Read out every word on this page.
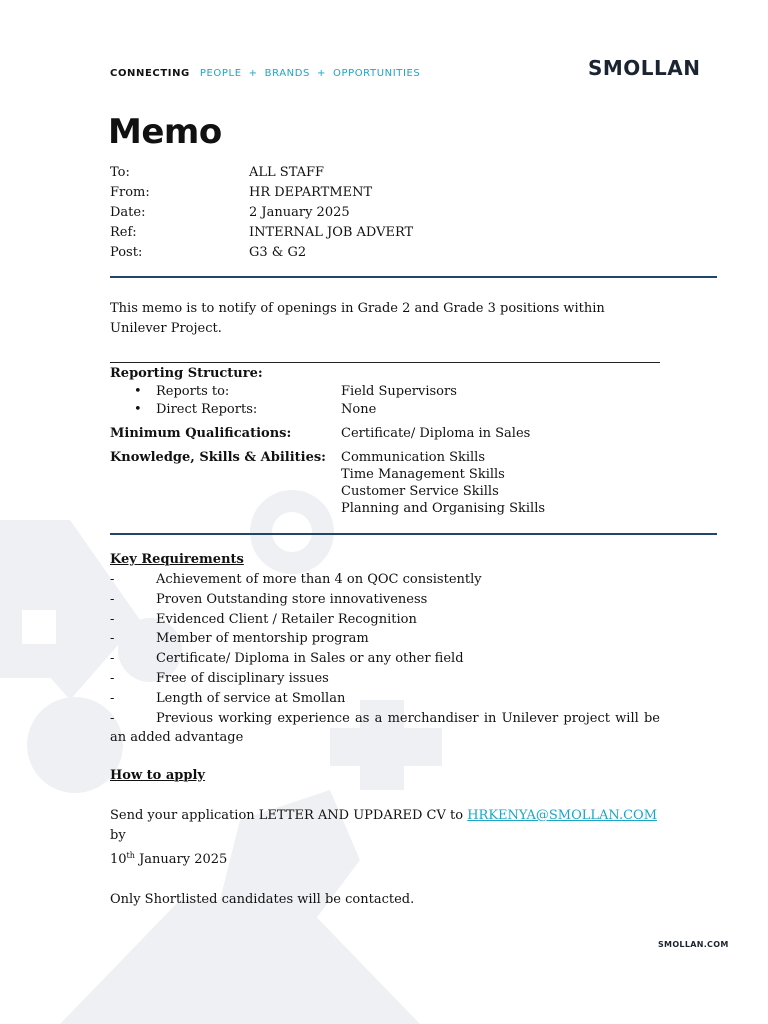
CONNECTING PEOPLE + BRANDS + OPPORTUNITIES	SMOLLAN
Memo
To:	ALL STAFF
From:	HR DEPARTMENT
Date:	2 January 2025
Ref:	INTERNAL JOB ADVERT
Post:	G3 & G2
This memo is to notify of openings in Grade 2 and Grade 3 positions within
Unilever Project.
Reporting Structure:
• Reports to:	Field Supervisors
• Direct Reports:	None
Minimum Qualifications:	Certificate/ Diploma in Sales
Knowledge, Skills & Abilities: Communication Skills
Time Management Skills
Customer Service Skills
Planning and Organising Skills
Key Requirements
-	Achievement of more than 4 on QOC consistently
-	Proven Outstanding store innovativeness
-	Evidenced Client / Retailer Recognition
-	Member of mentorship program
-	Certificate/ Diploma in Sales or any other field
-	Free of disciplinary issues
-	Length of service at Smollan
-	Previous working experience as a merchandiser in Unilever project will be
an added advantage

How to apply

Send your application LETTER AND UPDARED CV to HRKENYA@SMOLLAN.COM by

10th January 2025

Only Shortlisted candidates will be contacted.

SMOLLAN.COM
